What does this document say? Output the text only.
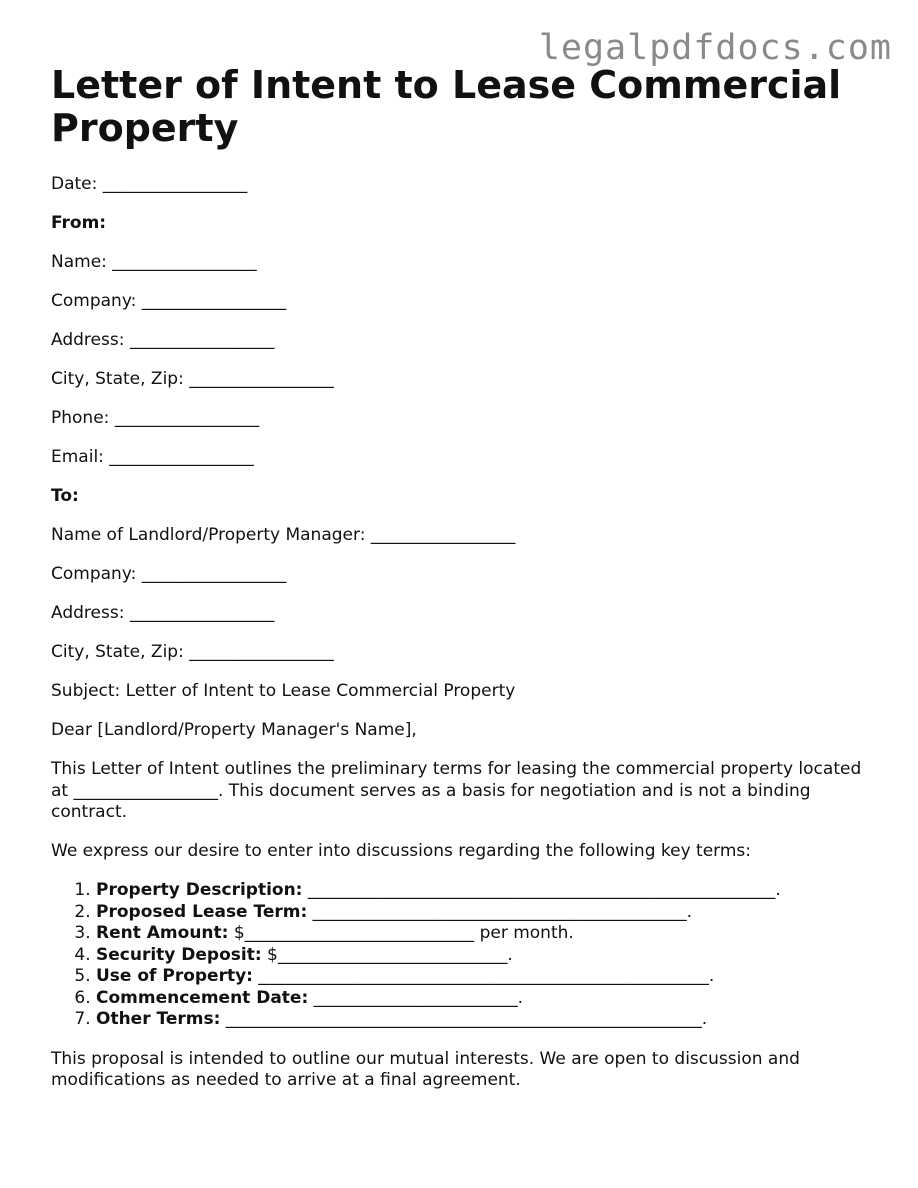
legalpdfdocs.com

Letter of Intent to Lease Commercial Property

Date: _________________

From:

Name: _________________

Company: _________________

Address: _________________

City, State, Zip: _________________

Phone: _________________

Email: _________________

To:

Name of Landlord/Property Manager: _________________

Company: _________________

Address: _________________

City, State, Zip: _________________

Subject: Letter of Intent to Lease Commercial Property

Dear [Landlord/Property Manager's Name],

This Letter of Intent outlines the preliminary terms for leasing the commercial property located at _________________. This document serves as a basis for negotiation and is not a binding contract.

We express our desire to enter into discussions regarding the following key terms:

1. Property Description: _______________________________________________________.
2. Proposed Lease Term: ____________________________________________.
3. Rent Amount: $___________________________ per month.
4. Security Deposit: $___________________________.
5. Use of Property: _____________________________________________________.
6. Commencement Date: ________________________.
7. Other Terms: ________________________________________________________.

This proposal is intended to outline our mutual interests. We are open to discussion and modifications as needed to arrive at a final agreement.
